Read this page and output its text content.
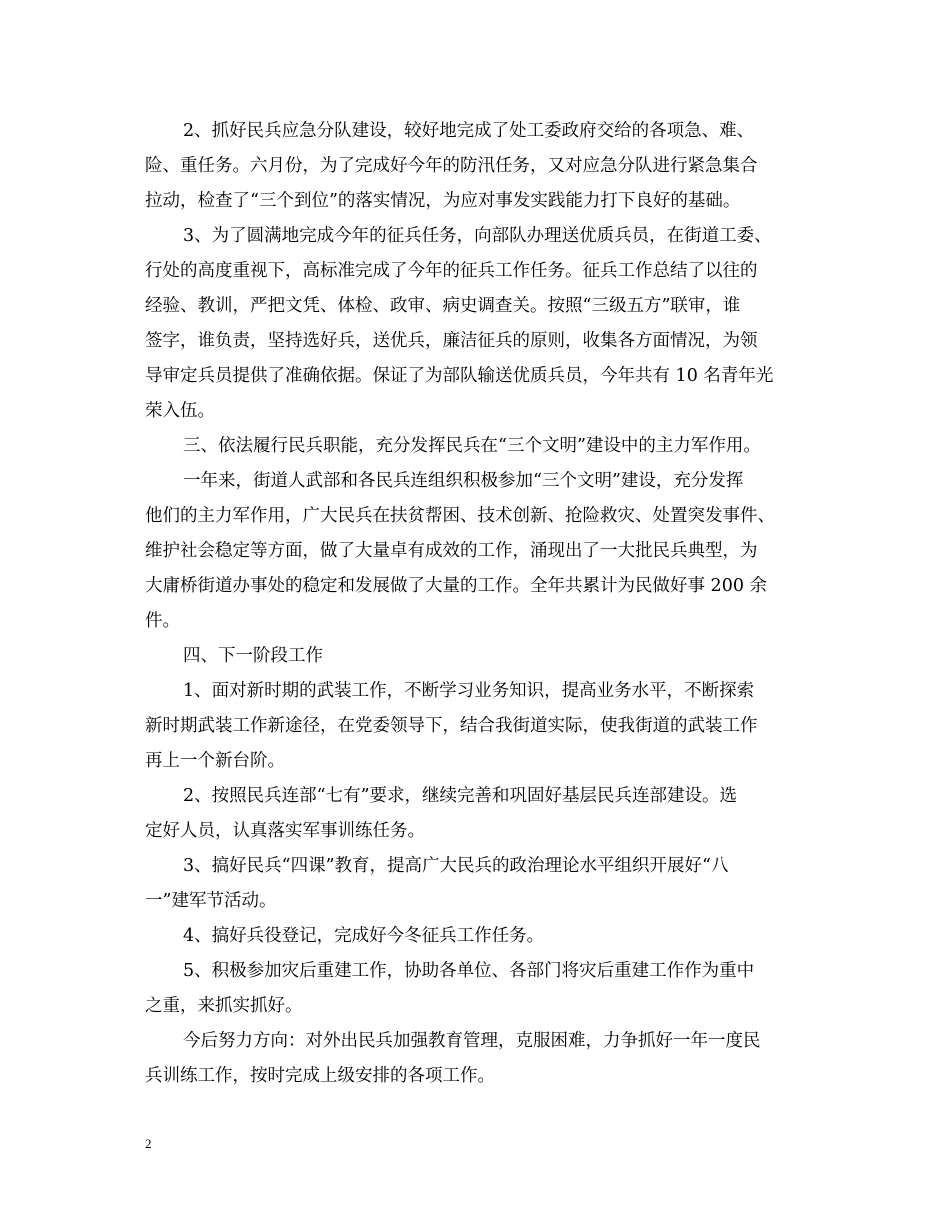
2、抓好民兵应急分队建设，较好地完成了处工委政府交给的各项急、难、
险、重任务。六月份，为了完成好今年的防汛任务，又对应急分队进行紧急集合
拉动，检查了“三个到位”的落实情况，为应对事发实践能力打下良好的基础。
3、为了圆满地完成今年的征兵任务，向部队办理送优质兵员，在街道工委、
行处的高度重视下，高标准完成了今年的征兵工作任务。征兵工作总结了以往的
经验、教训，严把文凭、体检、政审、病史调查关。按照“三级五方”联审，谁
签字，谁负责，坚持选好兵，送优兵，廉洁征兵的原则，收集各方面情况，为领
导审定兵员提供了准确依据。保证了为部队输送优质兵员，今年共有 10 名青年光
荣入伍。
三、依法履行民兵职能，充分发挥民兵在“三个文明”建设中的主力军作用。
一年来，街道人武部和各民兵连组织积极参加“三个文明”建设，充分发挥
他们的主力军作用，广大民兵在扶贫帮困、技术创新、抢险救灾、处置突发事件、
维护社会稳定等方面，做了大量卓有成效的工作，涌现出了一大批民兵典型，为
大庸桥街道办事处的稳定和发展做了大量的工作。全年共累计为民做好事 200 余
件。
四、下一阶段工作
1、面对新时期的武装工作，不断学习业务知识，提高业务水平，不断探索
新时期武装工作新途径，在党委领导下，结合我街道实际，使我街道的武装工作
再上一个新台阶。
2、按照民兵连部“七有”要求，继续完善和巩固好基层民兵连部建设。选
定好人员，认真落实军事训练任务。
3、搞好民兵“四课”教育，提高广大民兵的政治理论水平组织开展好“八
一”建军节活动。
4、搞好兵役登记，完成好今冬征兵工作任务。
5、积极参加灾后重建工作，协助各单位、各部门将灾后重建工作作为重中
之重，来抓实抓好。
今后努力方向：对外出民兵加强教育管理，克服困难，力争抓好一年一度民
兵训练工作，按时完成上级安排的各项工作。
2
